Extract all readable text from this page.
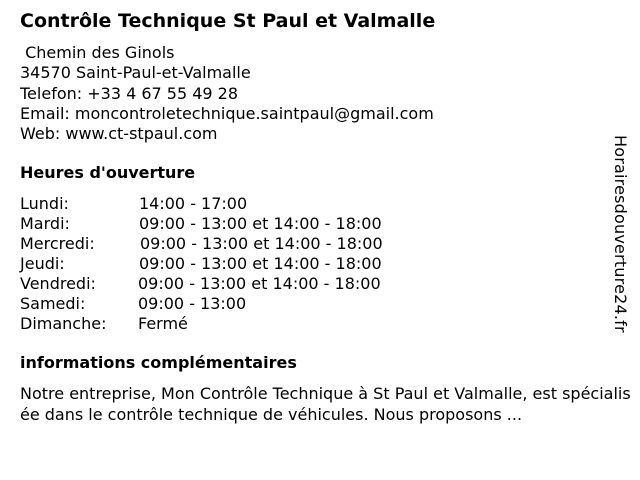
Contrôle Technique St Paul et Valmalle
Chemin des Ginols
34570 Saint-Paul-et-Valmalle
Telefon: +33 4 67 55 49 28
Email: moncontroletechnique.saintpaul@gmail.com
Web: www.ct-stpaul.com
Heures d'ouverture
Lundi:	14:00 - 17:00
Mardi:	09:00 - 13:00 et 14:00 - 18:00
Mercredi:	09:00 - 13:00 et 14:00 - 18:00
Jeudi:	09:00 - 13:00 et 14:00 - 18:00
Vendredi:	09:00 - 13:00 et 14:00 - 18:00
Samedi:	09:00 - 13:00
Dimanche: Fermé
informations complémentaires
Notre entreprise, Mon Contrôle Technique à St Paul et Valmalle, est spécialisée dans le contrôle technique de véhicules. Nous proposons ...
Horairesdouverture24.fr
